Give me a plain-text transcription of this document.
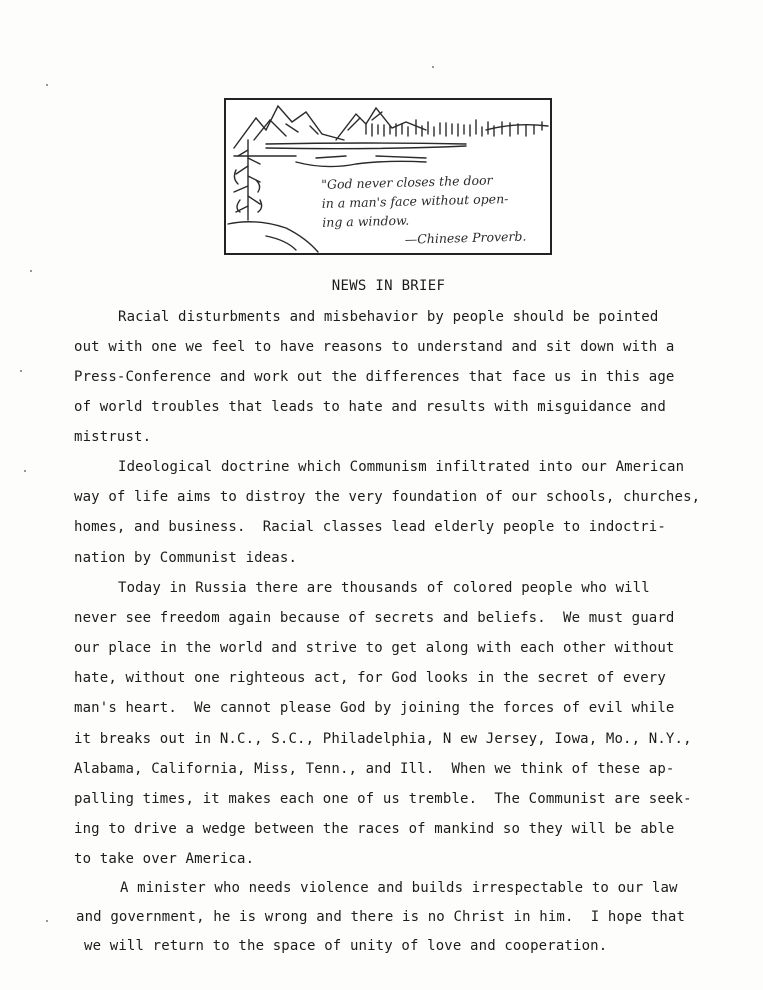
"God never closes the door
in a man's face without open-
ing a window.
—Chinese Proverb.
NEWS IN BRIEF
Racial disturbments and misbehavior by people should be pointed
out with one we feel to have reasons to understand and sit down with a
Press-Conference and work out the differences that face us in this age
of world troubles that leads to hate and results with misguidance and
mistrust.
Ideological doctrine which Communism infiltrated into our American
way of life aims to distroy the very foundation of our schools, churches,
homes, and business.  Racial classes lead elderly people to indoctri-
nation by Communist ideas.
Today in Russia there are thousands of colored people who will
never see freedom again because of secrets and beliefs.  We must guard
our place in the world and strive to get along with each other without
hate, without one righteous act, for God looks in the secret of every
man's heart.  We cannot please God by joining the forces of evil while
it breaks out in N.C., S.C., Philadelphia, N ew Jersey, Iowa, Mo., N.Y.,
Alabama, California, Miss, Tenn., and Ill.  When we think of these ap-
palling times, it makes each one of us tremble.  The Communist are seek-
ing to drive a wedge between the races of mankind so they will be able
to take over America.
A minister who needs violence and builds irrespectable to our law
and government, he is wrong and there is no Christ in him.  I hope that
we will return to the space of unity of love and cooperation.
